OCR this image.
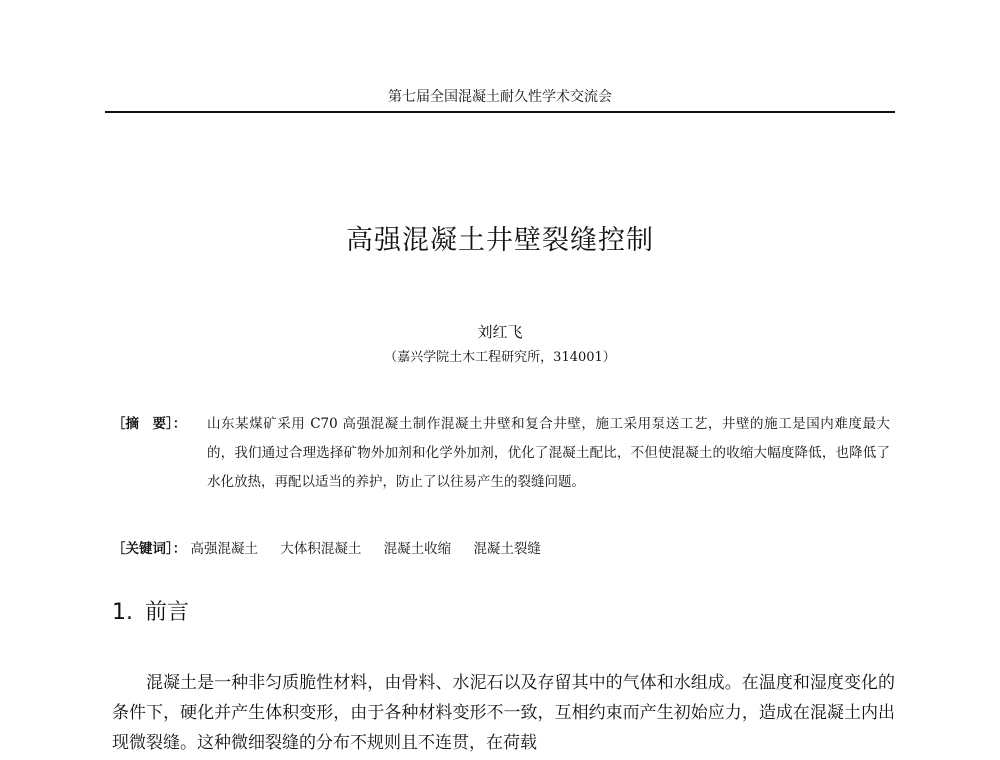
第七届全国混凝土耐久性学术交流会
高强混凝土井壁裂缝控制
刘红飞
（嘉兴学院土木工程研究所，314001）
［摘　要］： 山东某煤矿采用 C70 高强混凝土制作混凝土井壁和复合井壁，施工采用泵送工艺，井壁的施工是国内难度最大的，我们通过合理选择矿物外加剂和化学外加剂，优化了混凝土配比，不但使混凝土的收缩大幅度降低，也降低了水化放热，再配以适当的养护，防止了以往易产生的裂缝问题。
［关键词］： 高强混凝土 大体积混凝土 混凝土收缩 混凝土裂缝
1. 前言
混凝土是一种非匀质脆性材料，由骨料、水泥石以及存留其中的气体和水组成。在温度和湿度变化的条件下，硬化并产生体积变形，由于各种材料变形不一致，互相约束而产生初始应力，造成在混凝土内出现微裂缝。这种微细裂缝的分布不规则且不连贯，在荷载
